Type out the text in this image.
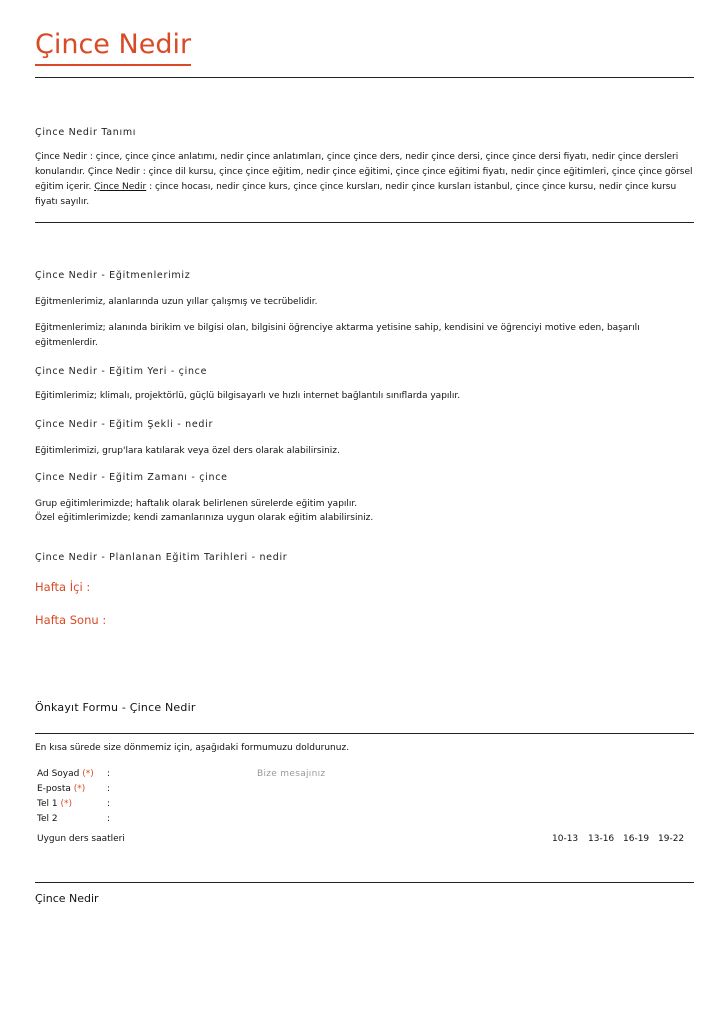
Çince Nedir
Çince Nedir Tanımı
Çince Nedir : çince, çince çince anlatımı, nedir çince anlatımları, çince çince ders, nedir çince dersi, çince çince dersi fiyatı, nedir çince dersleri konularıdır. Çince Nedir : çince dil kursu, çince çince eğitim, nedir çince eğitimi, çince çince eğitimi fiyatı, nedir çince eğitimleri, çince çince görsel eğitim içerir. Çince Nedir : çince hocası, nedir çince kurs, çince çince kursları, nedir çince kursları istanbul, çince çince kursu, nedir çince kursu fiyatı sayılır.
Çince Nedir - Eğitmenlerimiz
Eğitmenlerimiz, alanlarında uzun yıllar çalışmış ve tecrübelidir.
Eğitmenlerimiz; alanında birikim ve bilgisi olan, bilgisini öğrenciye aktarma yetisine sahip, kendisini ve öğrenciyi motive eden, başarılı eğitmenlerdir.
Çince Nedir - Eğitim Yeri - çince
Eğitimlerimiz; klimalı, projektörlü, güçlü bilgisayarlı ve hızlı internet bağlantılı sınıflarda yapılır.
Çince Nedir - Eğitim Şekli - nedir
Eğitimlerimizi, grup'lara katılarak veya özel ders olarak alabilirsiniz.
Çince Nedir - Eğitim Zamanı - çince
Grup eğitimlerimizde; haftalık olarak belirlenen sürelerde eğitim yapılır.
Özel eğitimlerimizde; kendi zamanlarınıza uygun olarak eğitim alabilirsiniz.
Çince Nedir - Planlanan Eğitim Tarihleri - nedir
Hafta İçi :
Hafta Sonu :
Önkayıt Formu - Çince Nedir
En kısa sürede size dönmemiz için, aşağıdaki formumuzu doldurunuz.
Ad Soyad (*) :	Bize mesajınız
E-posta (*) :
Tel 1 (*)	:
Tel 2	:
Uygun ders saatleri	10-13 13-16 16-19 19-22
Çince Nedir
